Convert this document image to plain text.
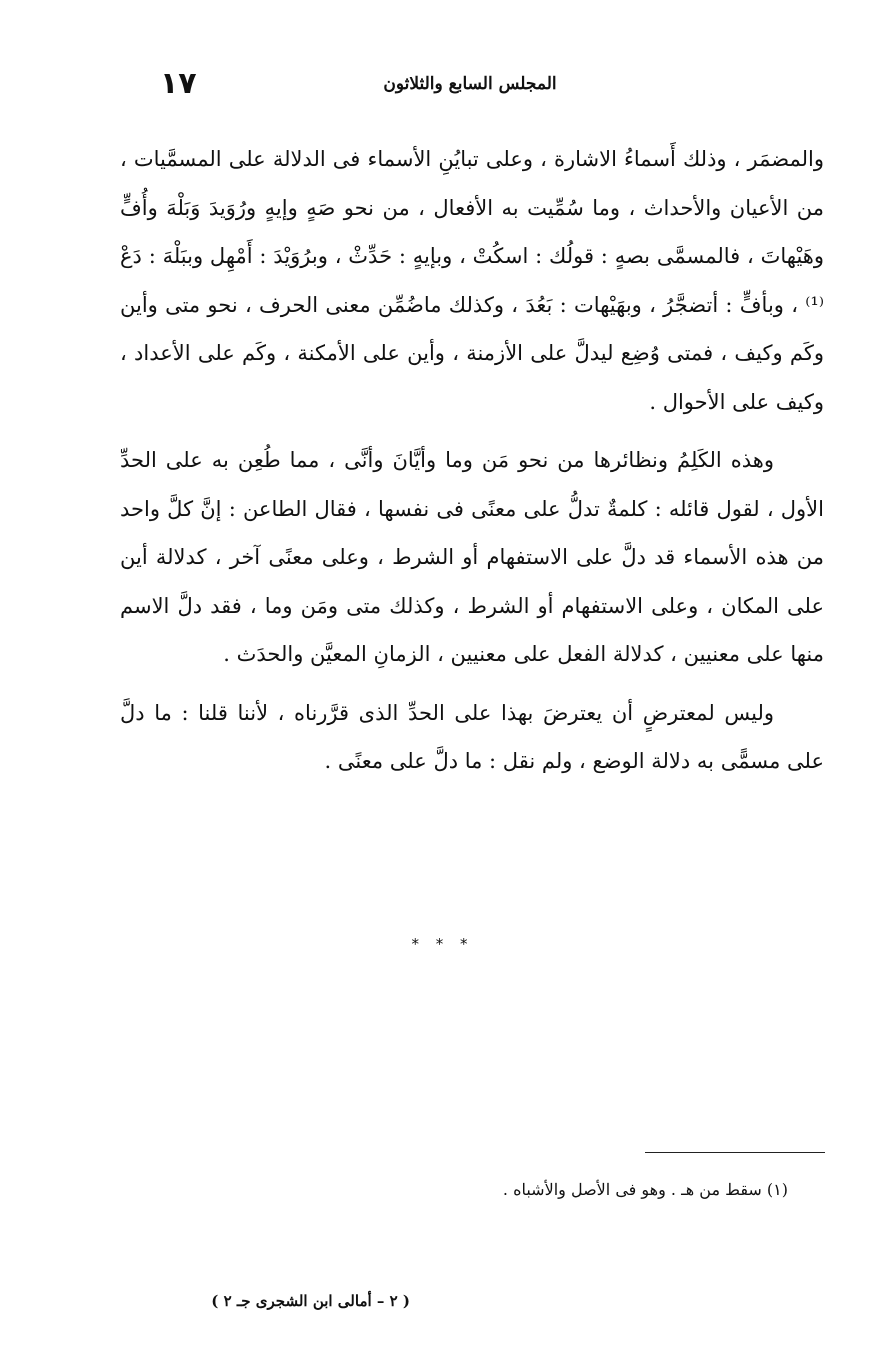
١٧	المجلس السابع والثلاثون

والمضمَر ، وذلك أَسماءُ الاشارة ، وعلى تبايُنِ الأسماء فى الدلالة على المسمَّيات ، من الأعيان والأحداث ، وما سُمِّيت به الأفعال ، من نحو صَهٍ وإيهٍ ورُوَيدَ وَبَلْهَ وأُفٍّ وهَيْهاتَ ، فالمسمَّى بصهٍ : قولُك : اسكُتْ ، وبإيهٍ : حَدِّثْ ، وبرُوَيْدَ : أَمْهِل وببَلْهَ : دَعْ ⁽¹⁾ ، وبأفٍّ : أتضجَّرُ ، وبهَيْهات : بَعُدَ ، وكذلك ماضُمِّن معنى الحرف ، نحو متى وأين وكَم وكيف ، فمتى وُضِع ليدلَّ على الأزمنة ، وأين على الأمكنة ، وكَم على الأعداد ، وكيف على الأحوال .

وهذه الكَلِمُ ونظائرها من نحو مَن وما وأيَّانَ وأنَّى ، مما طُعِن به على الحدِّ الأول ، لقول قائله : كلمةٌ تدلُّ على معنًى فى نفسها ، فقال الطاعن : إنَّ كلَّ واحد من هذه الأسماء قد دلَّ على الاستفهام أو الشرط ، وعلى معنًى آخر ، كدلالة أين على المكان ، وعلى الاستفهام أو الشرط ، وكذلك متى ومَن وما ، فقد دلَّ الاسم منها على معنيين ، كدلالة الفعل على معنيين ، الزمانِ المعيَّن والحدَث .

وليس لمعترضٍ أن يعترضَ بهذا على الحدِّ الذى قرَّرناه ، لأننا قلنا : ما دلَّ على مسمًّى به دلالة الوضع ، ولم نقل : ما دلَّ على معنًى .

* * *
(١) سقط من هـ . وهو فى الأصل والأشباه .
( ٢ – أمالى ابن الشجرى جـ ٢ )
